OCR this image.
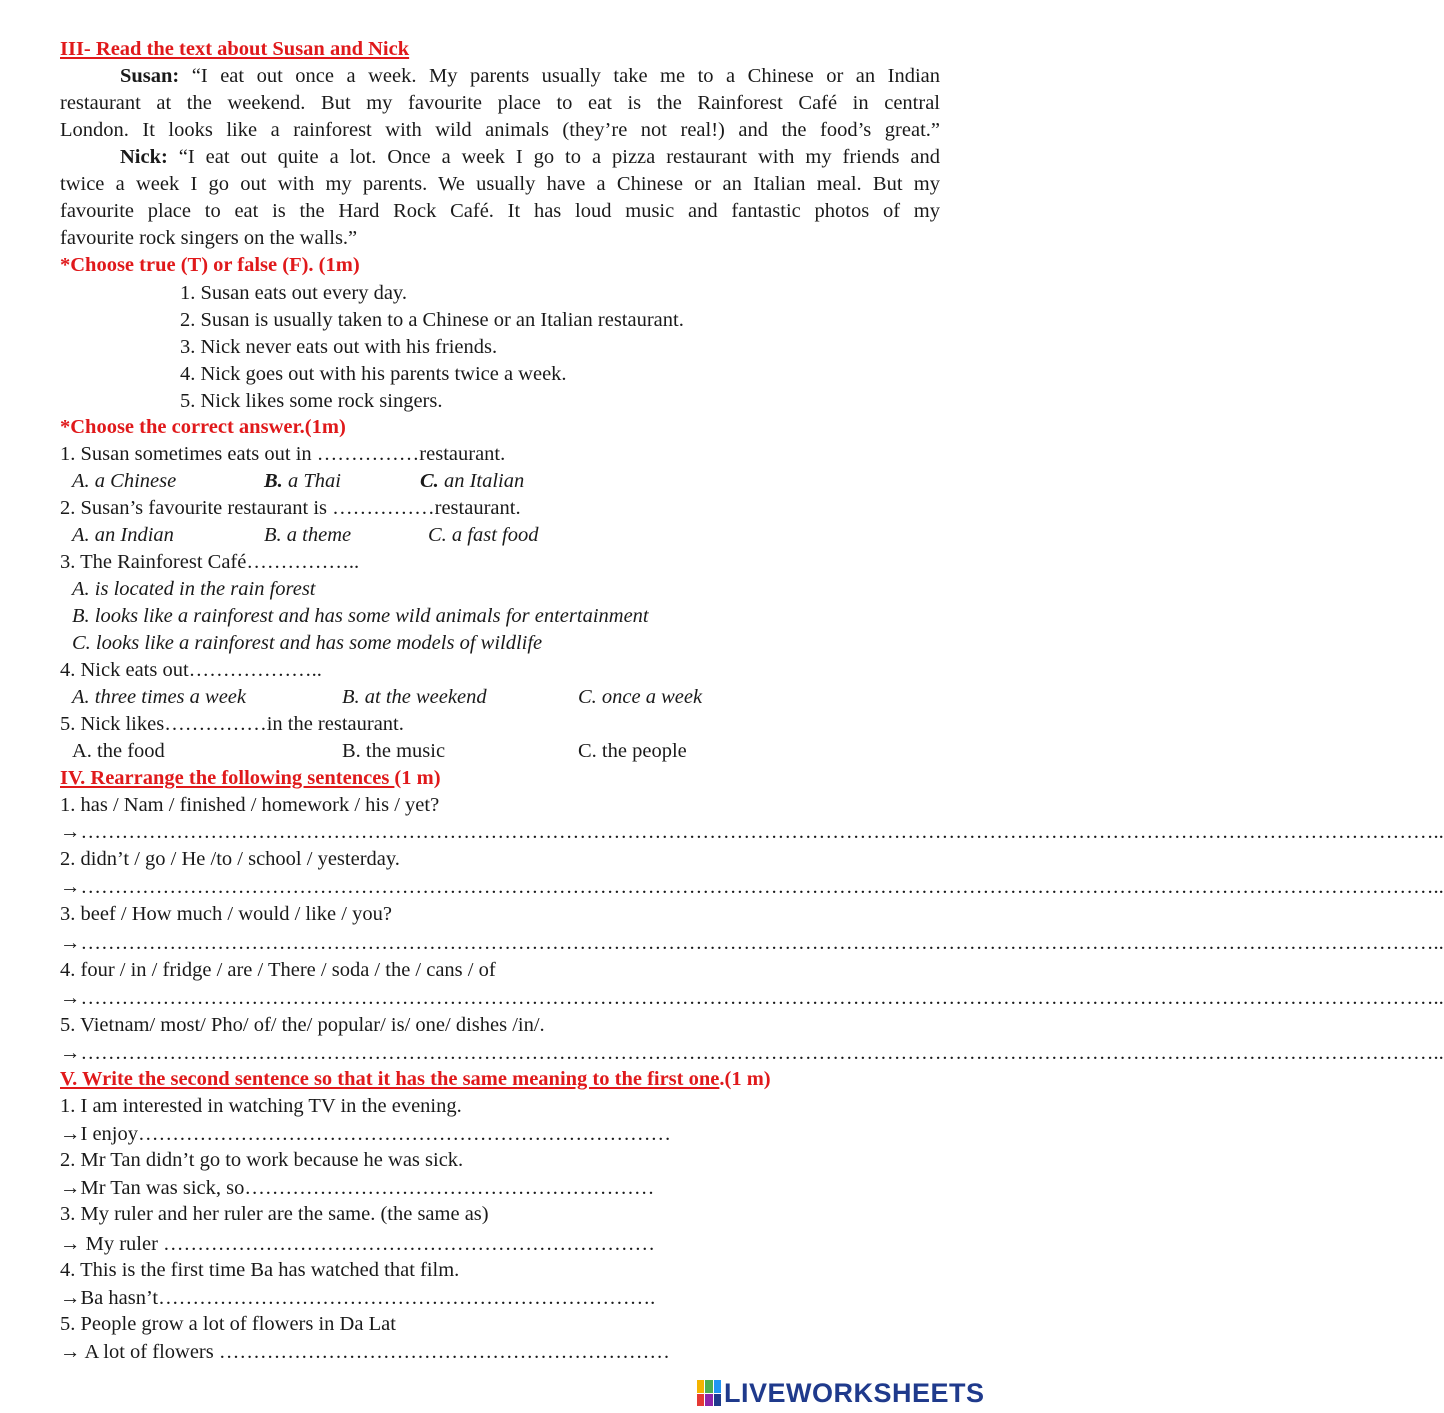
III- Read the text about Susan and Nick
Susan: “I eat out once a week. My parents usually take me to a Chinese or an Indian
restaurant at the weekend. But my favourite place to eat is the Rainforest Café in central
London. It looks like a rainforest with wild animals (they’re not real!) and the food’s great.”
Nick: “I eat out quite a lot. Once a week I go to a pizza restaurant with my friends and
twice a week I go out with my parents. We usually have a Chinese or an Italian meal. But my
favourite place to eat is the Hard Rock Café. It has loud music and fantastic photos of my
favourite rock singers on the walls.”
*Choose true (T) or false (F). (1m)
1. Susan eats out every day.
2. Susan is usually taken to a Chinese or an Italian restaurant.
3. Nick never eats out with his friends.
4. Nick goes out with his parents twice a week.
5. Nick likes some rock singers.
*Choose the correct answer.(1m)
1. Susan sometimes eats out in ……………restaurant.
A. a Chinese	B. a Thai	C. an Italian
2. Susan’s favourite restaurant is ……………restaurant.
A. an Indian	B. a theme	C. a fast food
3. The Rainforest Café……………..
A. is located in the rain forest
B. looks like a rainforest and has some wild animals for entertainment
C. looks like a rainforest and has some models of wildlife
4. Nick eats out………………..
A. three times a week	B. at the weekend	C. once a week
5. Nick likes……………in the restaurant.
A. the food	B. the music	C. the people
IV. Rearrange the following sentences (1 m)
1. has / Nam / finished / homework / his / yet?
→………………………………………………………………………………………………………………………………………………………………………………..
2. didn’t / go / He /to / school / yesterday.
→………………………………………………………………………………………………………………………………………………………………………………..
3. beef / How much / would / like / you?
→………………………………………………………………………………………………………………………………………………………………………………..
4. four / in / fridge / are / There / soda / the / cans / of
→………………………………………………………………………………………………………………………………………………………………………………..
5. Vietnam/ most/ Pho/ of/ the/ popular/ is/ one/ dishes /in/.
→………………………………………………………………………………………………………………………………………………………………………………..
V. Write the second sentence so that it has the same meaning to the first one.(1 m)
1. I am interested in watching TV in the evening.
→I enjoy……………………………………………………………………
2. Mr Tan didn’t go to work because he was sick.
→Mr Tan was sick, so……………………………………………………
3. My ruler and her ruler are the same. (the same as)
→ My ruler ………………………………………………………………
4. This is the first time Ba has watched that film.
→Ba hasn’t……………………………………………………………….
5. People grow a lot of flowers in Da Lat
→ A lot of flowers …………………………………………………………
LIVEWORKSHEETS
